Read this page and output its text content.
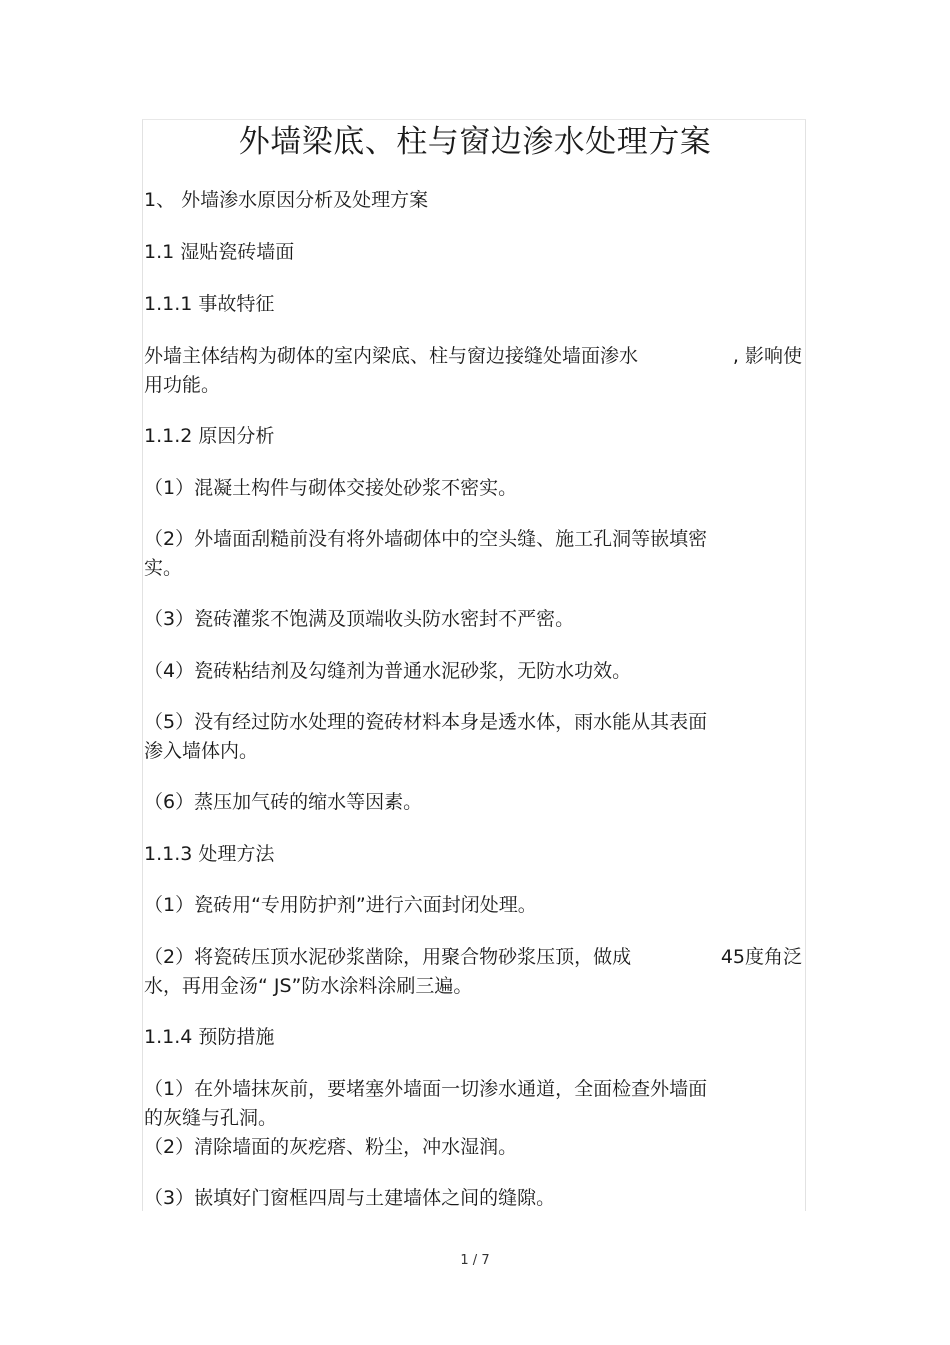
外墙梁底、柱与窗边渗水处理方案
1、 外墙渗水原因分析及处理方案
1.1 湿贴瓷砖墙面
1.1.1 事故特征
外墙主体结构为砌体的室内梁底、柱与窗边接缝处墙面渗水	, 影响使
用功能。
1.1.2 原因分析
（1）混凝土构件与砌体交接处砂浆不密实。
（2）外墙面刮糙前没有将外墙砌体中的空头缝、施工孔洞等嵌填密
实。
（3）瓷砖灌浆不饱满及顶端收头防水密封不严密。
（4）瓷砖粘结剂及勾缝剂为普通水泥砂浆，无防水功效。
（5）没有经过防水处理的瓷砖材料本身是透水体，雨水能从其表面
渗入墙体内。
（6）蒸压加气砖的缩水等因素。
1.1.3 处理方法
（1）瓷砖用“专用防护剂”进行六面封闭处理。
（2）将瓷砖压顶水泥砂浆凿除，用聚合物砂浆压顶，做成	45度角泛
水，再用金汤“ JS”防水涂料涂刷三遍。
1.1.4 预防措施
（1）在外墙抹灰前，要堵塞外墙面一切渗水通道，全面检查外墙面
的灰缝与孔洞。
（2）清除墙面的灰疙瘩、粉尘，冲水湿润。
（3）嵌填好门窗框四周与土建墙体之间的缝隙。
1 / 7
